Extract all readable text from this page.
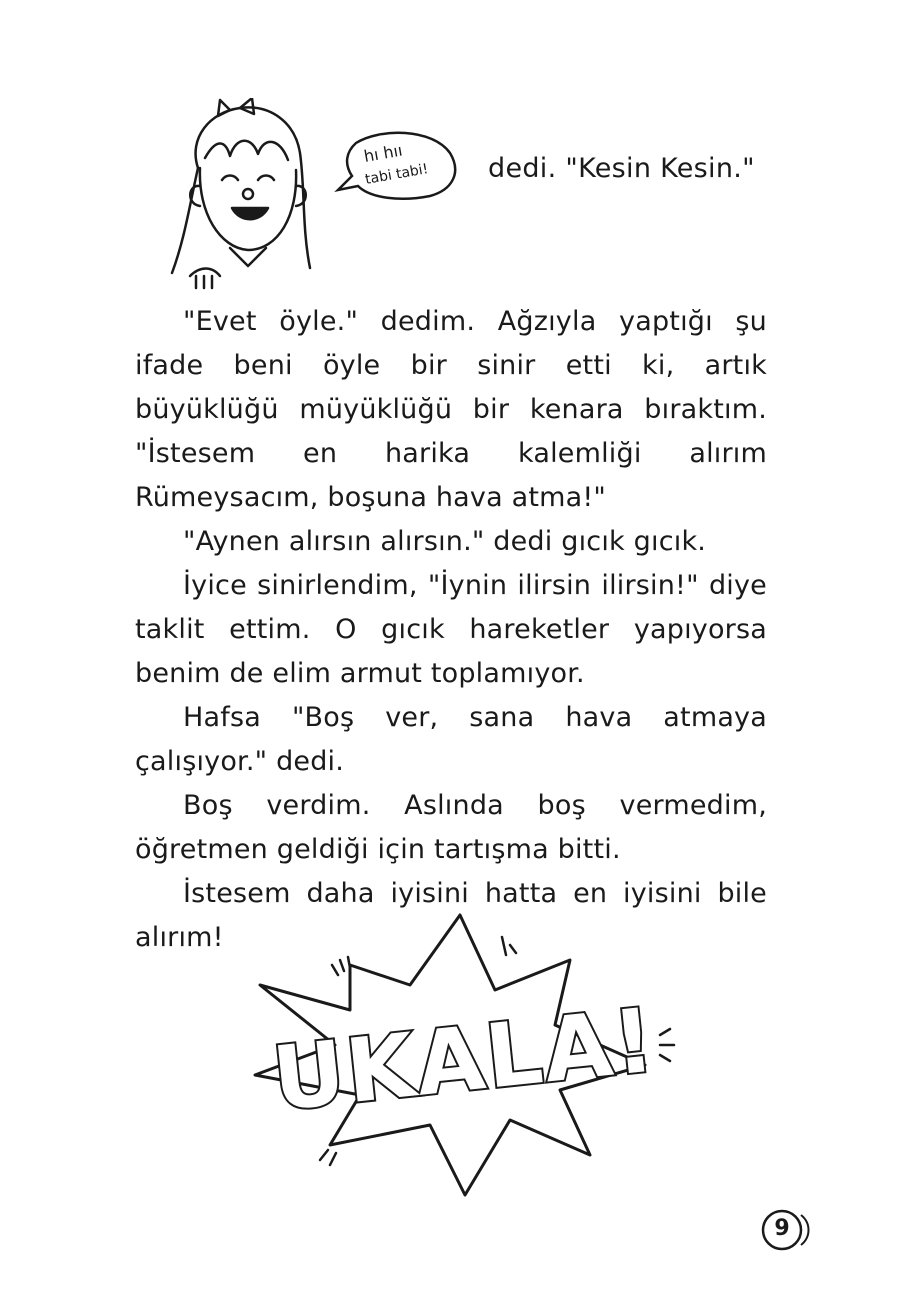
hı hıı
tabi tabi! dedi. "Kesin Kesin."

"Evet öyle." dedim. Ağzıyla yaptığı şu ifade beni öyle bir sinir etti ki, artık büyüklüğü müyüklüğü bir kenara bıraktım. "İstesem en harika kalemliği alırım Rümeysacım, boşuna hava atma!"

"Aynen alırsın alırsın." dedi gıcık gıcık.

İyice sinirlendim, "İynin ilirsin ilirsin!" diye taklit ettim. O gıcık hareketler yapıyorsa benim de elim armut toplamıyor.

Hafsa "Boş ver, sana hava atmaya çalışıyor." dedi.

Boş verdim. Aslında boş vermedim, öğretmen geldiği için tartışma bitti.

İstesem daha iyisini hatta en iyisini bile alırım!

UKALA!
9
